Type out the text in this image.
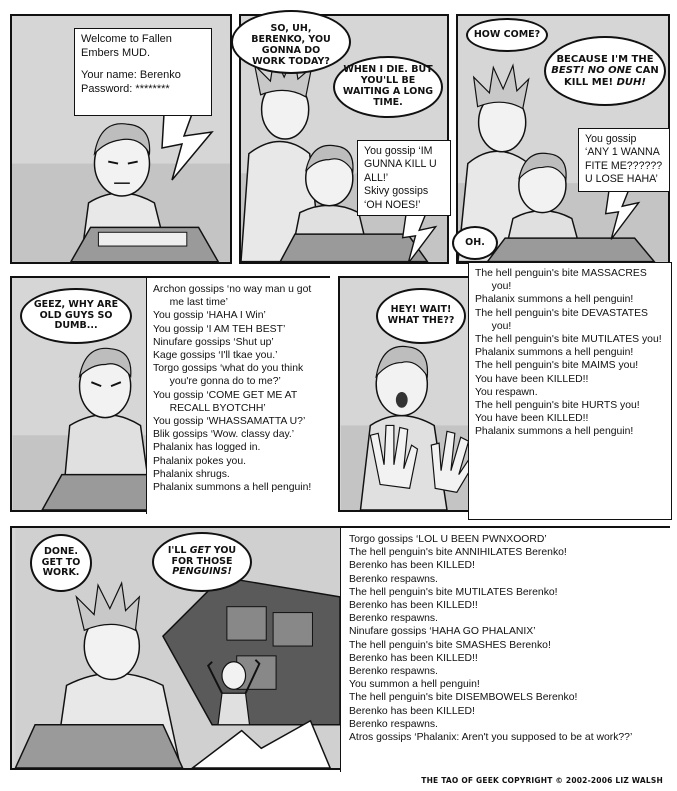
Welcome to Fallen
Embers MUD.
Your name: Berenko
Password: ********
SO, UH, BERENKO, YOU GONNA DO WORK TODAY?
WHEN I DIE. BUT YOU'LL BE WAITING A LONG TIME.
You gossip ‘IM GUNNA KILL U ALL!’
Skivy gossips ‘OH NOES!’
HOW COME?
BECAUSE I'M THE BEST! NO ONE CAN KILL ME! DUH!
You gossip ‘ANY 1 WANNA FITE ME?????? U LOSE HAHA’
OH.
GEEZ, WHY ARE OLD GUYS SO DUMB...
Archon gossips ‘no way man u got me last time’
You gossip ‘HAHA I Win’
You gossip ‘I AM TEH BEST’
Ninufare gossips ‘Shut up’
Kage gossips ‘I'll tkae you.’
Torgo gossips ‘what do you think you're gonna do to me?’
You gossip ‘COME GET ME AT RECALL BYOTCHH’
You gossip ‘WHASSAMATTA U?’
Blik gossips ‘Wow. classy day.’
Phalanix has logged in.
Phalanix pokes you.
Phalanix shrugs.
Phalanix summons a hell penguin!
HEY! WAIT! WHAT THE??
The hell penguin's bite MASSACRES you!
Phalanix summons a hell penguin!
The hell penguin's bite DEVASTATES you!
The hell penguin's bite MUTILATES you!
Phalanix summons a hell penguin!
The hell penguin's bite MAIMS you!
You have been KILLED!!
You respawn.
The hell penguin's bite HURTS you!
You have been KILLED!!
Phalanix summons a hell penguin!
DONE. GET TO WORK.
I'LL GET YOU FOR THOSE PENGUINS!
Torgo gossips ‘LOL U BEEN PWNXOORD’
The hell penguin's bite ANNIHILATES Berenko!
Berenko has been KILLED!
Berenko respawns.
The hell penguin's bite MUTILATES Berenko!
Berenko has been KILLED!!
Berenko respawns.
Ninufare gossips ‘HAHA GO PHALANIX’
The hell penguin's bite SMASHES Berenko!
Berenko has been KILLED!!
Berenko respawns.
You summon a hell penguin!
The hell penguin's bite DISEMBOWELS Berenko!
Berenko has been KILLED!
Berenko respawns.
Atros gossips ‘Phalanix: Aren't you supposed to be at work??’
THE TAO OF GEEK COPYRIGHT © 2002-2006 LIZ WALSH
